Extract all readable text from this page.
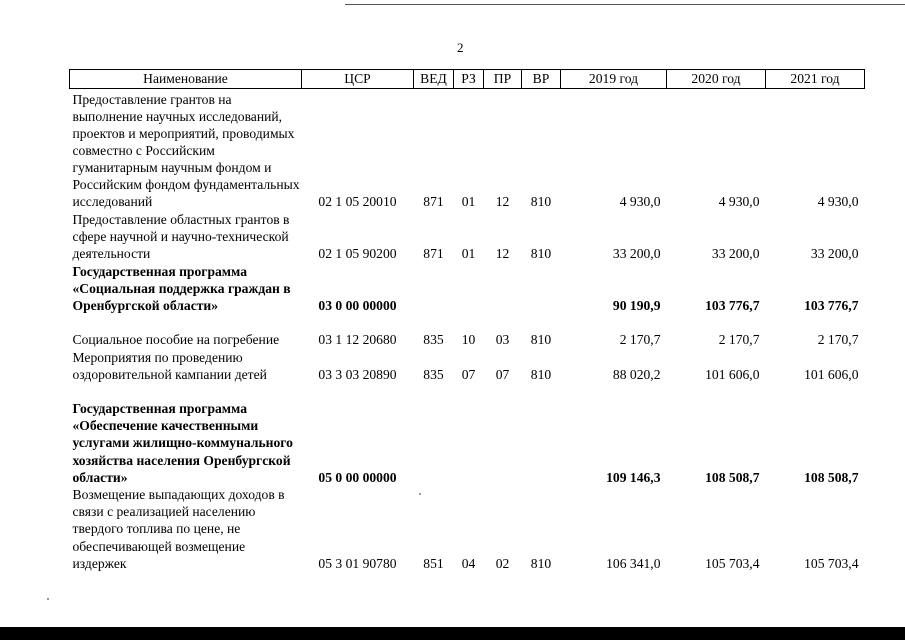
2
Наименование	ЦСР	ВЕД	РЗ	ПР	ВР	2019 год	2020 год	2021 год
Предоставление грантов на выполнение научных исследований, проектов и мероприятий, проводимых совместно с Российским гуманитарным научным фондом и Российским фондом фундаментальных исследований	02 1 05 20010	871	01	12	810	4 930,0	4 930,0	4 930,0
Предоставление областных грантов в сфере научной и научно-технической деятельности	02 1 05 90200	871	01	12	810	33 200,0	33 200,0	33 200,0
Государственная программа «Социальная поддержка граждан в Оренбургской области»	03 0 00 00000					90 190,9	103 776,7	103 776,7
Социальное пособие на погребение	03 1 12 20680	835	10	03	810	2 170,7	2 170,7	2 170,7
Мероприятия по проведению оздоровительной кампании детей	03 3 03 20890	835	07	07	810	88 020,2	101 606,0	101 606,0
Государственная программа «Обеспечение качественными услугами жилищно-коммунального хозяйства населения Оренбургской области»	05 0 00 00000					109 146,3	108 508,7	108 508,7
Возмещение выпадающих доходов в связи с реализацией населению твердого топлива по цене, не обеспечивающей возмещение издержек	05 3 01 90780	851	04	02	810	106 341,0	105 703,4	105 703,4
